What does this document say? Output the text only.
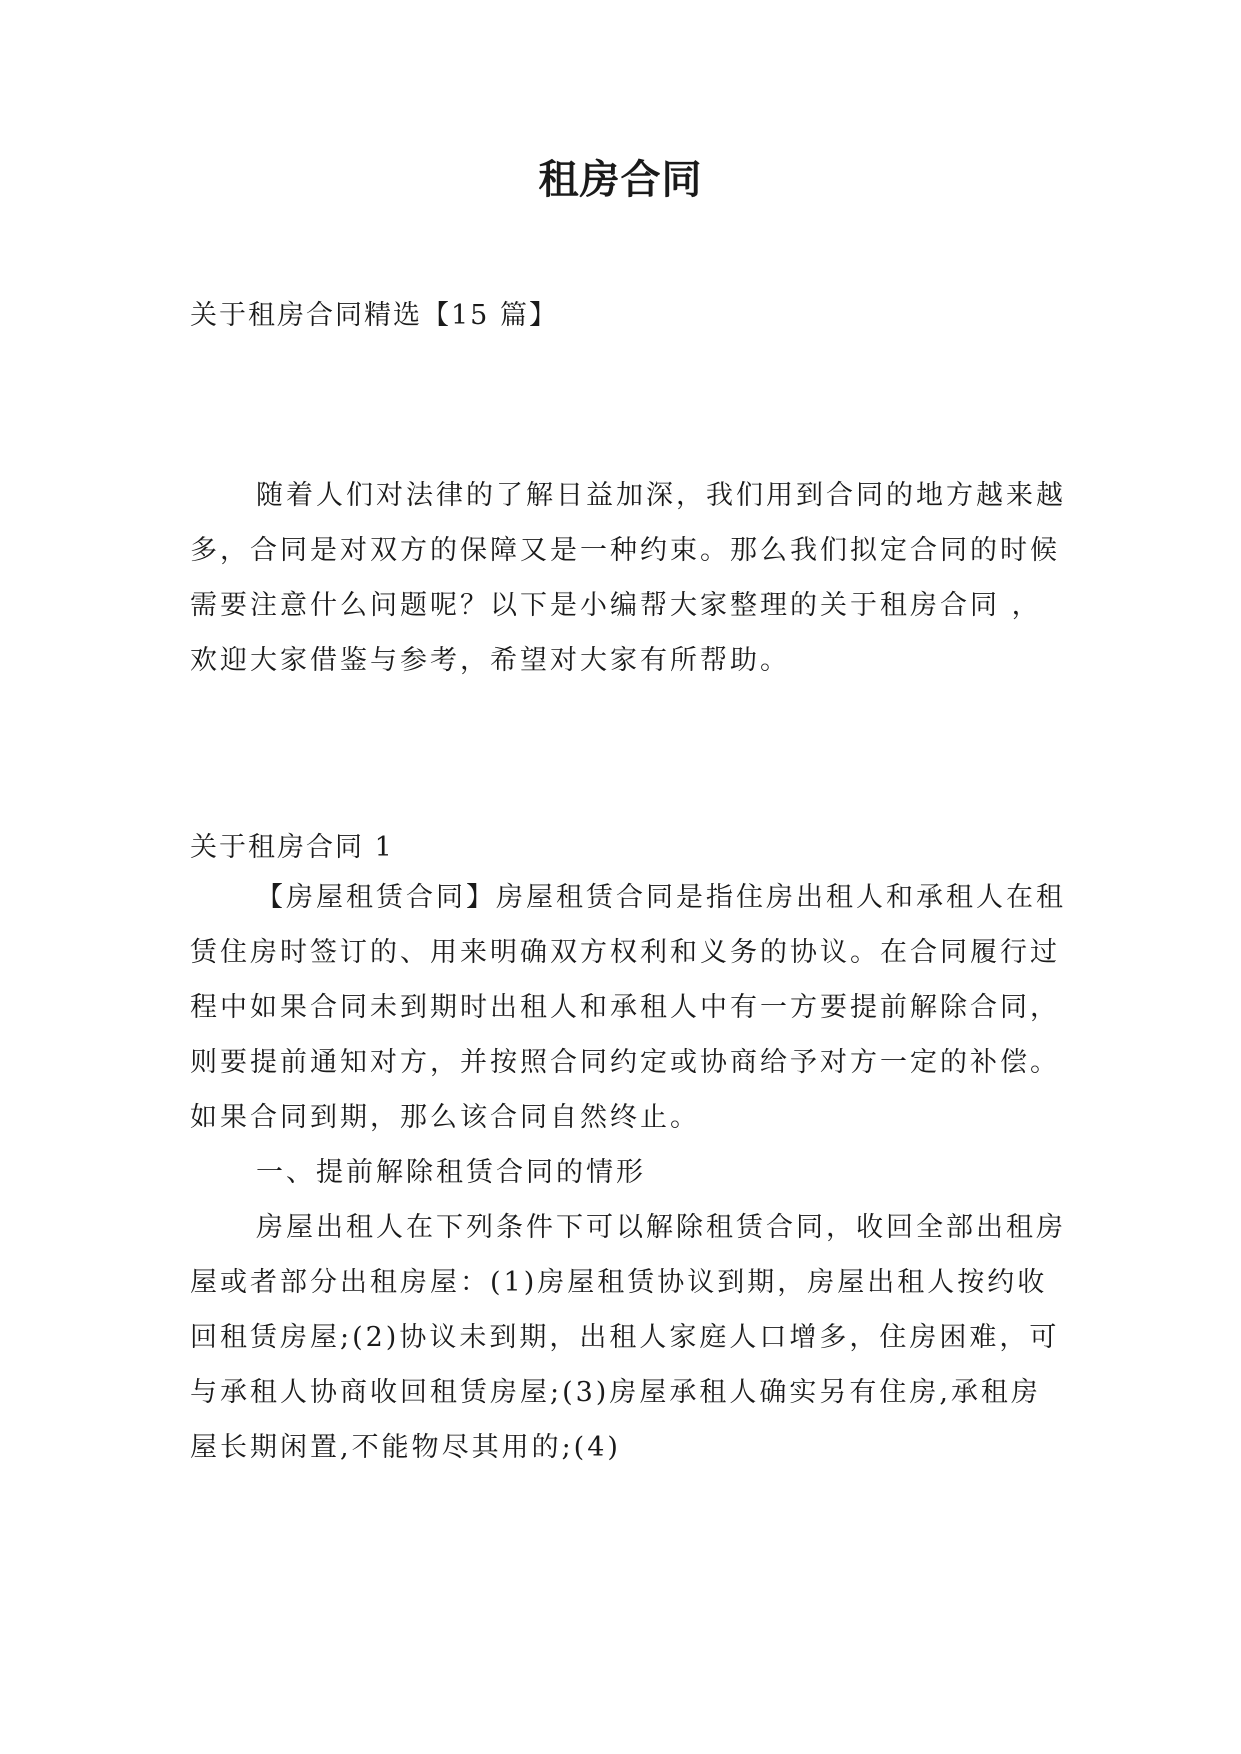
租房合同
关于租房合同精选【15 篇】

随着人们对法律的了解日益加深，我们用到合同的地方越来越多，合同是对双方的保障又是一种约束。那么我们拟定合同的时候需要注意什么问题呢？以下是小编帮大家整理的关于租房合同 ，欢迎大家借鉴与参考，希望对大家有所帮助。

关于租房合同 1

【房屋租赁合同】房屋租赁合同是指住房出租人和承租人在租赁住房时签订的、用来明确双方权利和义务的协议。在合同履行过程中如果合同未到期时出租人和承租人中有一方要提前解除合同，则要提前通知对方，并按照合同约定或协商给予对方一定的补偿。如果合同到期，那么该合同自然终止。

一、提前解除租赁合同的情形

房屋出租人在下列条件下可以解除租赁合同，收回全部出租房屋或者部分出租房屋：(1)房屋租赁协议到期，房屋出租人按约收回租赁房屋;(2)协议未到期，出租人家庭人口增多，住房困难，可与承租人协商收回租赁房屋;(3)房屋承租人确实另有住房,承租房屋长期闲置,不能物尽其用的;(4)
